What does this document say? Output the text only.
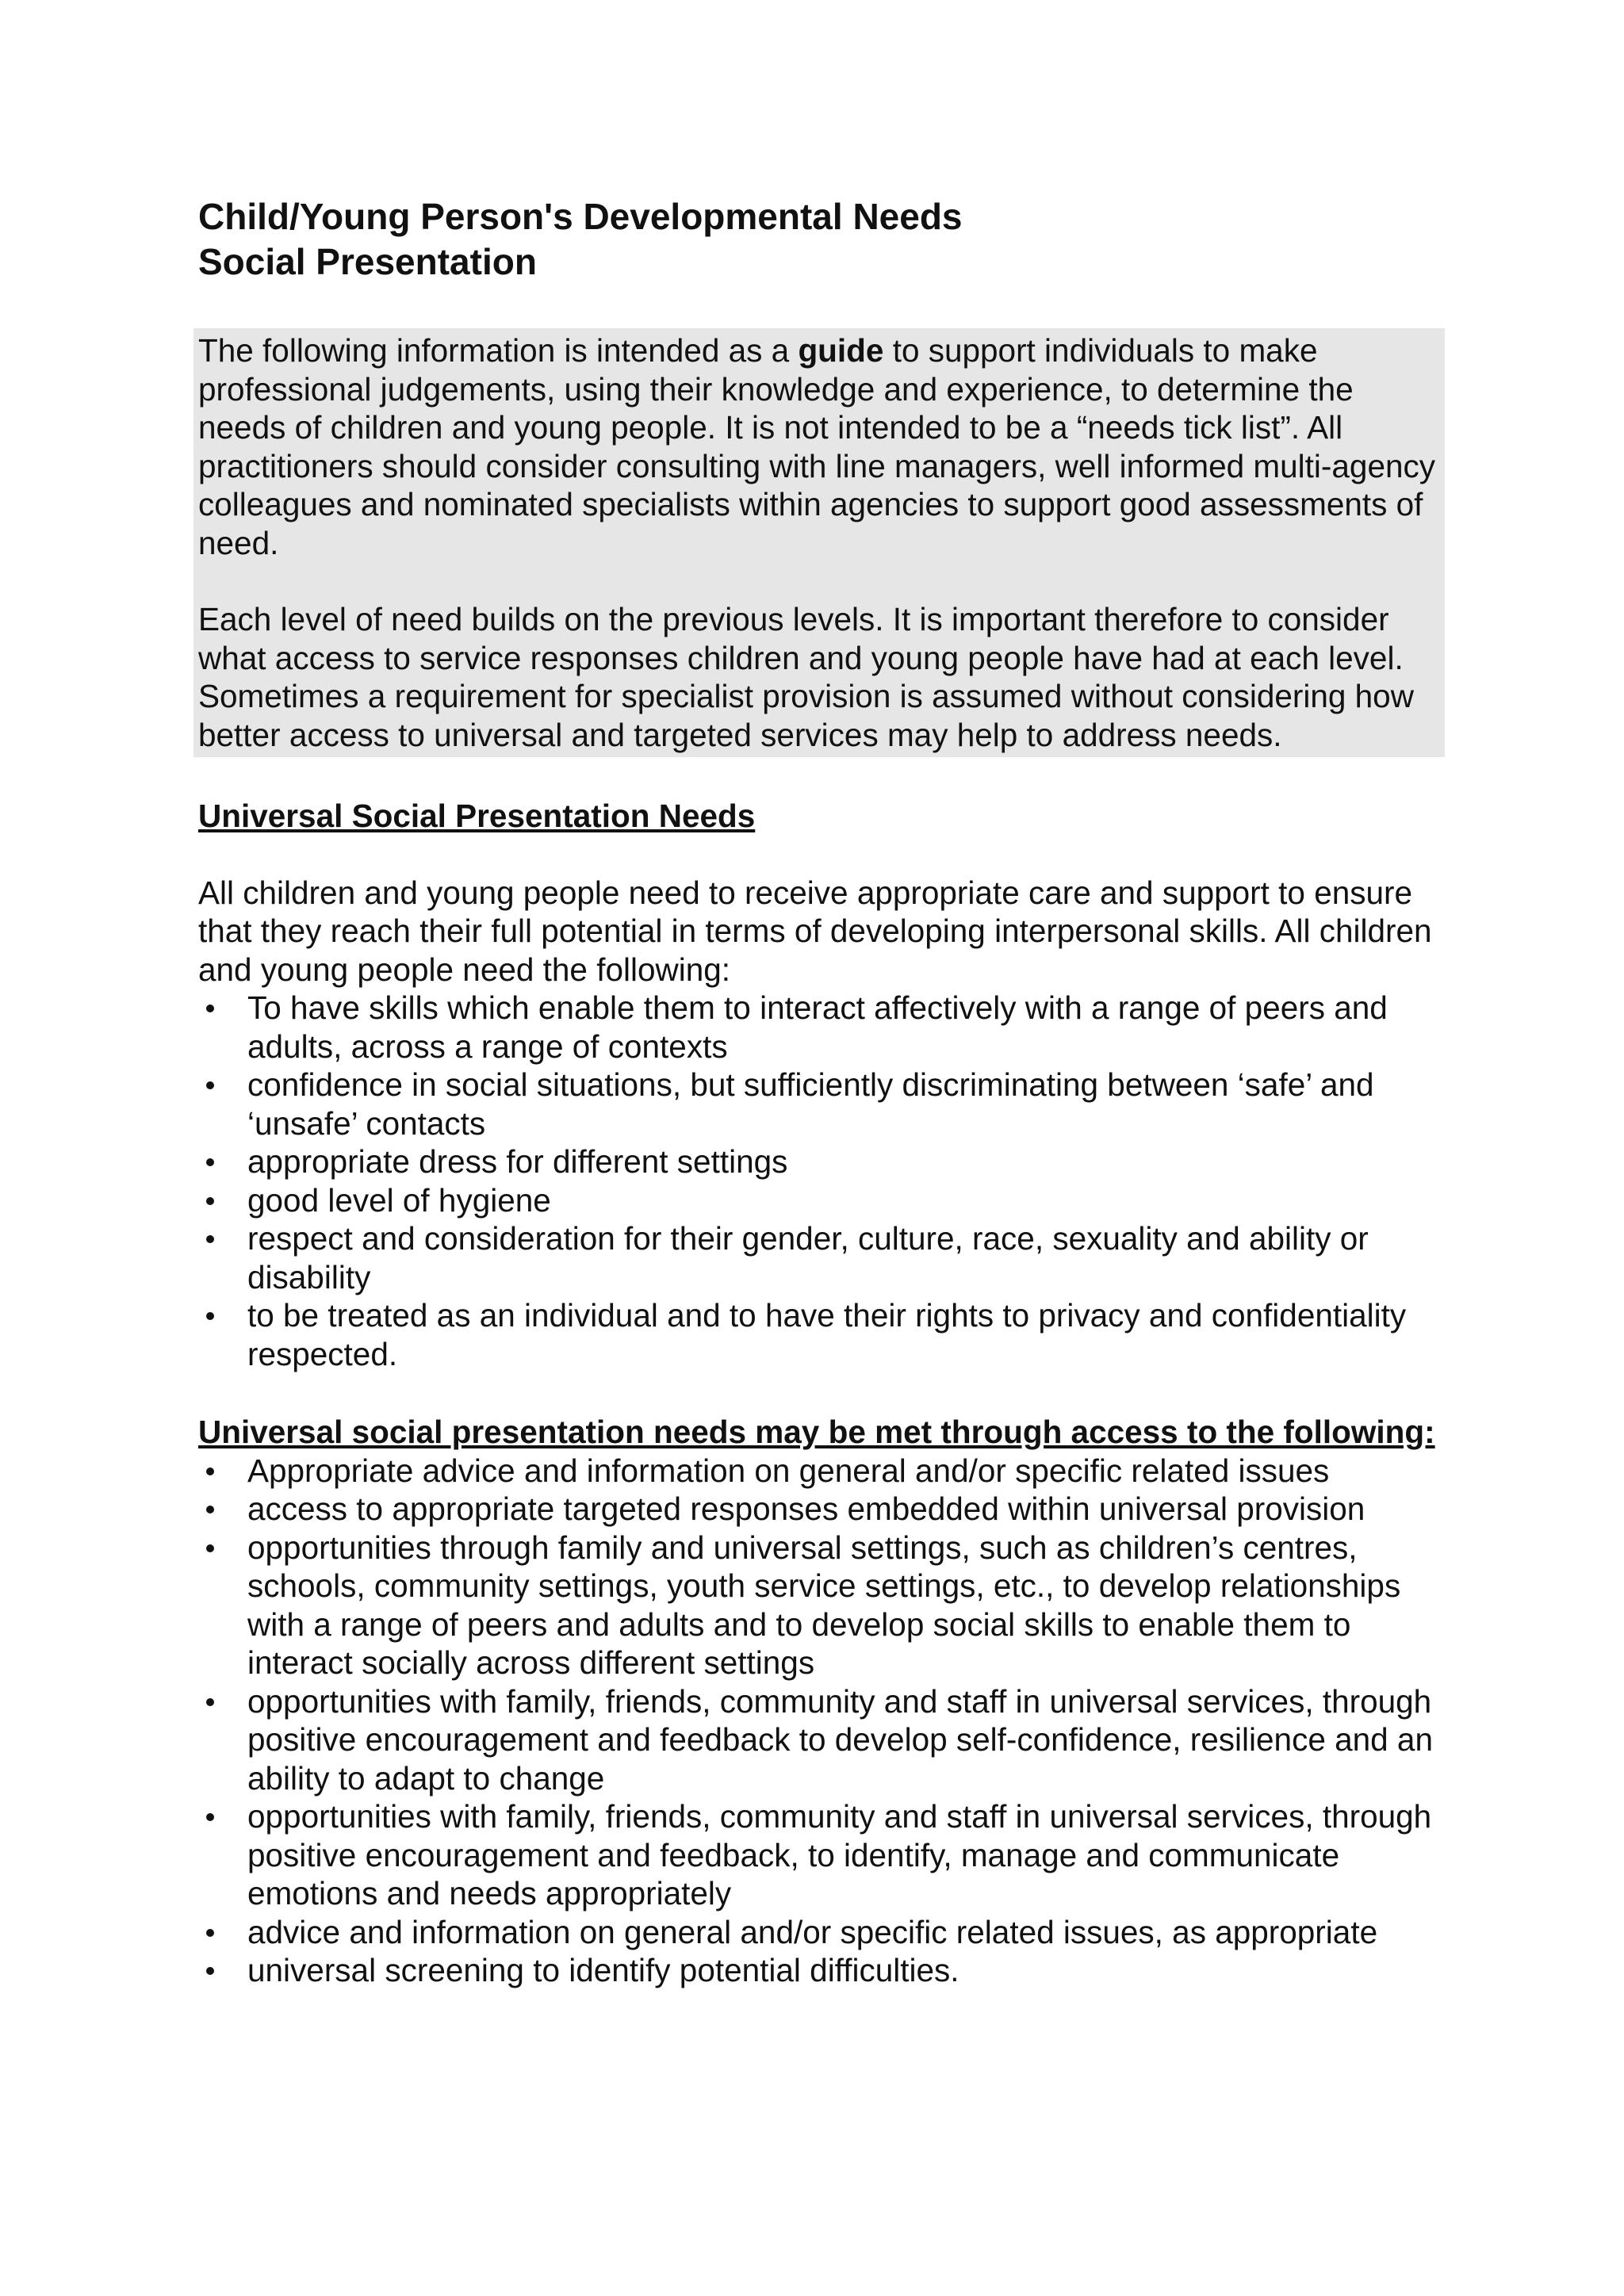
Child/Young Person's Developmental Needs
Social Presentation

The following information is intended as a guide to support individuals to make professional judgements, using their knowledge and experience, to determine the needs of children and young people. It is not intended to be a “needs tick list”. All practitioners should consider consulting with line managers, well informed multi-agency colleagues and nominated specialists within agencies to support good assessments of need.

Each level of need builds on the previous levels. It is important therefore to consider what access to service responses children and young people have had at each level. Sometimes a requirement for specialist provision is assumed without considering how better access to universal and targeted services may help to address needs.

Universal Social Presentation Needs

All children and young people need to receive appropriate care and support to ensure that they reach their full potential in terms of developing interpersonal skills. All children and young people need the following:

To have skills which enable them to interact affectively with a range of peers and adults, across a range of contexts
confidence in social situations, but sufficiently discriminating between ‘safe’ and ‘unsafe’ contacts
appropriate dress for different settings
good level of hygiene
respect and consideration for their gender, culture, race, sexuality and ability or disability
to be treated as an individual and to have their rights to privacy and confidentiality respected.
Universal social presentation needs may be met through access to the following:
Appropriate advice and information on general and/or specific related issues
access to appropriate targeted responses embedded within universal provision
opportunities through family and universal settings, such as children’s centres, schools, community settings, youth service settings, etc., to develop relationships with a range of peers and adults and to develop social skills to enable them to interact socially across different settings
opportunities with family, friends, community and staff in universal services, through positive encouragement and feedback to develop self-confidence, resilience and an ability to adapt to change
opportunities with family, friends, community and staff in universal services, through positive encouragement and feedback, to identify, manage and communicate emotions and needs appropriately
advice and information on general and/or specific related issues, as appropriate
universal screening to identify potential difficulties.
